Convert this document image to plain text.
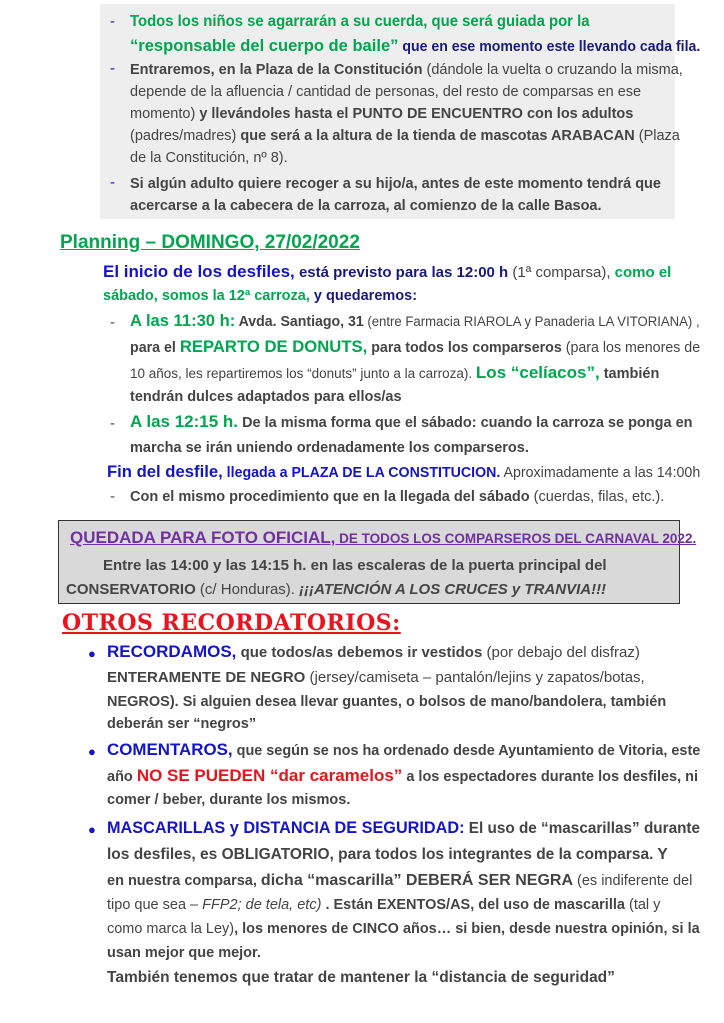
- Todos los niños se agarrarán a su cuerda, que será guiada por la
“responsable del cuerpo de baile” que en ese momento este llevando cada fila.
- Entraremos, en la Plaza de la Constitución (dándole la vuelta o cruzando la misma,
depende de la afluencia / cantidad de personas, del resto de comparsas en ese
momento) y llevándoles hasta el PUNTO DE ENCUENTRO con los adultos
(padres/madres) que será a la altura de la tienda de mascotas ARABACAN (Plaza
de la Constitución, nº 8).
- Si algún adulto quiere recoger a su hijo/a, antes de este momento tendrá que
acercarse a la cabecera de la carroza, al comienzo de la calle Basoa.
Planning – DOMINGO, 27/02/2022
El inicio de los desfiles, está previsto para las 12:00 h (1ª comparsa), como el
sábado, somos la 12ª carroza, y quedaremos:
- A las 11:30 h: Avda. Santiago, 31 (entre Farmacia RIAROLA y Panaderia LA VITORIANA) ,
para el REPARTO DE DONUTS, para todos los comparseros (para los menores de
10 años, les repartiremos los “donuts” junto a la carroza). Los “celíacos”, también
tendrán dulces adaptados para ellos/as
- A las 12:15 h. De la misma forma que el sábado: cuando la carroza se ponga en
marcha se irán uniendo ordenadamente los comparseros.
Fin del desfile, llegada a PLAZA DE LA CONSTITUCION. Aproximadamente a las 14:00h
- Con el mismo procedimiento que en la llegada del sábado (cuerdas, filas, etc.).
QUEDADA PARA FOTO OFICIAL, DE TODOS LOS COMPARSEROS DEL CARNAVAL 2022.
Entre las 14:00 y las 14:15 h. en las escaleras de la puerta principal del
CONSERVATORIO (c/ Honduras). ¡¡¡ATENCIÓN A LOS CRUCES y TRANVIA!!!
OTROS RECORDATORIOS:
● RECORDAMOS, que todos/as debemos ir vestidos (por debajo del disfraz)
ENTERAMENTE DE NEGRO (jersey/camiseta – pantalón/lejins y zapatos/botas,
NEGROS). Si alguien desea llevar guantes, o bolsos de mano/bandolera, también
deberán ser “negros”
● COMENTAROS, que según se nos ha ordenado desde Ayuntamiento de Vitoria, este
año NO SE PUEDEN “dar caramelos” a los espectadores durante los desfiles, ni
comer / beber, durante los mismos.
● MASCARILLAS y DISTANCIA DE SEGURIDAD: El uso de “mascarillas” durante
los desfiles, es OBLIGATORIO, para todos los integrantes de la comparsa. Y
en nuestra comparsa, dicha “mascarilla” DEBERÁ SER NEGRA (es indiferente del
tipo que sea – FFP2; de tela, etc) . Están EXENTOS/AS, del uso de mascarilla (tal y
como marca la Ley), los menores de CINCO años… si bien, desde nuestra opinión, si la
usan mejor que mejor.
También tenemos que tratar de mantener la “distancia de seguridad”
